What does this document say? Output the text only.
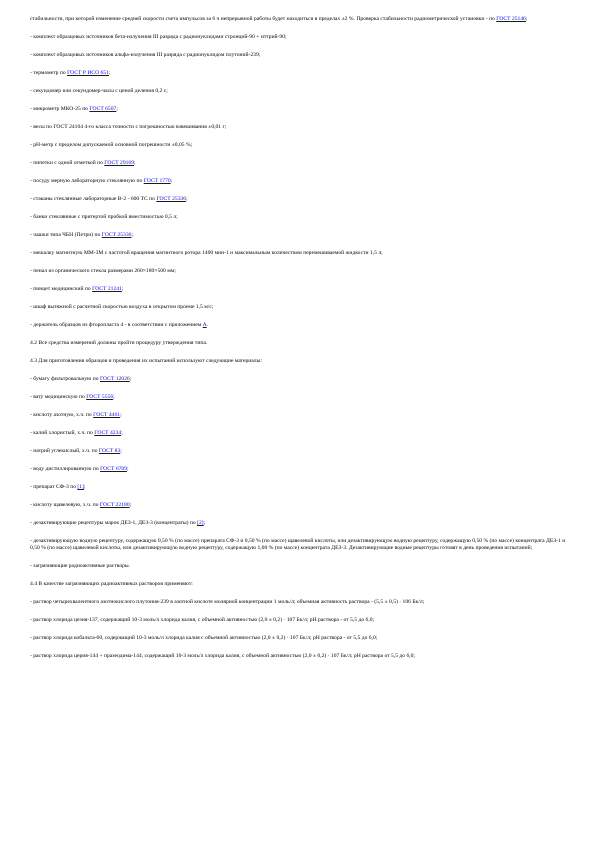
стабильности, при которой изменение средней скорости счета импульсов за 6 ч непрерывной работы будет находиться в пределах ±2 %. Проверка стабильности радиометрической установки - по ГОСТ 25146;

- комплект образцовых источников бета-излучения III разряда с радионуклидами стронций-90 + иттрий-90;

- комплект образцовых источников альфа-излучения III разряда с радионуклидом плутоний-239;

- термометр по ГОСТ Р ИСО 651;

- секундомер или секундомер-часы с ценой деления 0,2 с;

- микрометр МКО-25 по ГОСТ 6507;

- весы по ГОСТ 24104 4-го класса точности с погрешностью взвешивания ±0,01 г;

- рН-метр с пределом допускаемой основной погрешности ±0,05 %;

- пипетки с одной отметкой по ГОСТ 29169;

- посуду мерную лабораторную стеклянную по ГОСТ 1770;

- стаканы стеклянные лабораторные В-2 - 600 ТС по ГОСТ 25336;

- банки стеклянные с притертой пробкой вместимостью 0,5 л;

- чашки типа ЧБН (Петри) по ГОСТ 25336;

- мешалку магнитную ММ-3М с частотой вращения магнитного ротора 1400 мин-1 и максимальным количеством перемешиваемой жидкости 1,5 л;

- пенал из органического стекла размерами 260×180×500 мм;

- пинцет медицинский по ГОСТ 21241;

- шкаф вытяжной с расчетной скоростью воздуха в открытом проеме 1,5 м/с;

- держатель образцов из фторопласта 4 - в соответствии с приложением А.

4.2 Все средства измерений должны пройти процедуру утверждения типа.

4.3 Для приготовления образцов и проведения их испытаний используют следующие материалы:

- бумагу фильтровальную по ГОСТ 12026;

- вату медицинскую по ГОСТ 5556;

- кислоту азотную, х.ч. по ГОСТ 4461;

- калий хлористый, х.ч. по ГОСТ 4234;

- натрий углекислый, х.ч. по ГОСТ 83;

- воду дистиллированную по ГОСТ 6709;

- препарат СФ-3 по [1];

- кислоту щавелевую, х.ч. по ГОСТ 22180;

- дезактивирующие рецептуры марок ДЕЗ-1, ДЕЗ-3 (концентраты) по [2];

- дезактивирующую водную рецептуру, содержащую 0,50 % (по массе) препарата СФ-3 и 0,50 % (по массе) щавелевой кислоты, или дезактивирующую водную рецептуру, содержащую 0,50 % (по массе) концентрата ДЕЗ-1 и 0,50 % (по массе) щавелевой кислоты, или дезактивирующую водную рецептуру, содержащую 1,00 % (по массе) концентрата ДЕЗ-3. Дезактивирующие водные рецептуры готовят в день проведения испытаний;

- загрязняющие радиоактивные растворы.

4.4 В качестве загрязняющих радиоактивных растворов применяют:

- раствор четырехвалентного азотнокислого плутония-239 в азотной кислоте молярной концентрации 1 моль/л; объемная активность раствора - (5,5 ± 0,5) · 106 Бк/л;

- раствор хлорида цезия-137, содержащий 10-3 моль/л хлорида калия, с объемной активностью (2,0 ± 0,2) · 107 Бк/л; рН раствора - от 5,5 до 6,0;

- раствор хлорида кобальта-60, содержащий 10-3 моль/л хлорида калия с объемной активностью (2,0 ± 0,2) · 107 Бк/л; рН раствора - от 5,5 до 6,0;

- раствор хлорида церия-144 + празеодима-144, содержащий 10-3 моль/л хлорида калия, с объемной активностью (2,0 ± 0,2) · 107 Бк/л; рН раствора от 5,5 до 6,0;
